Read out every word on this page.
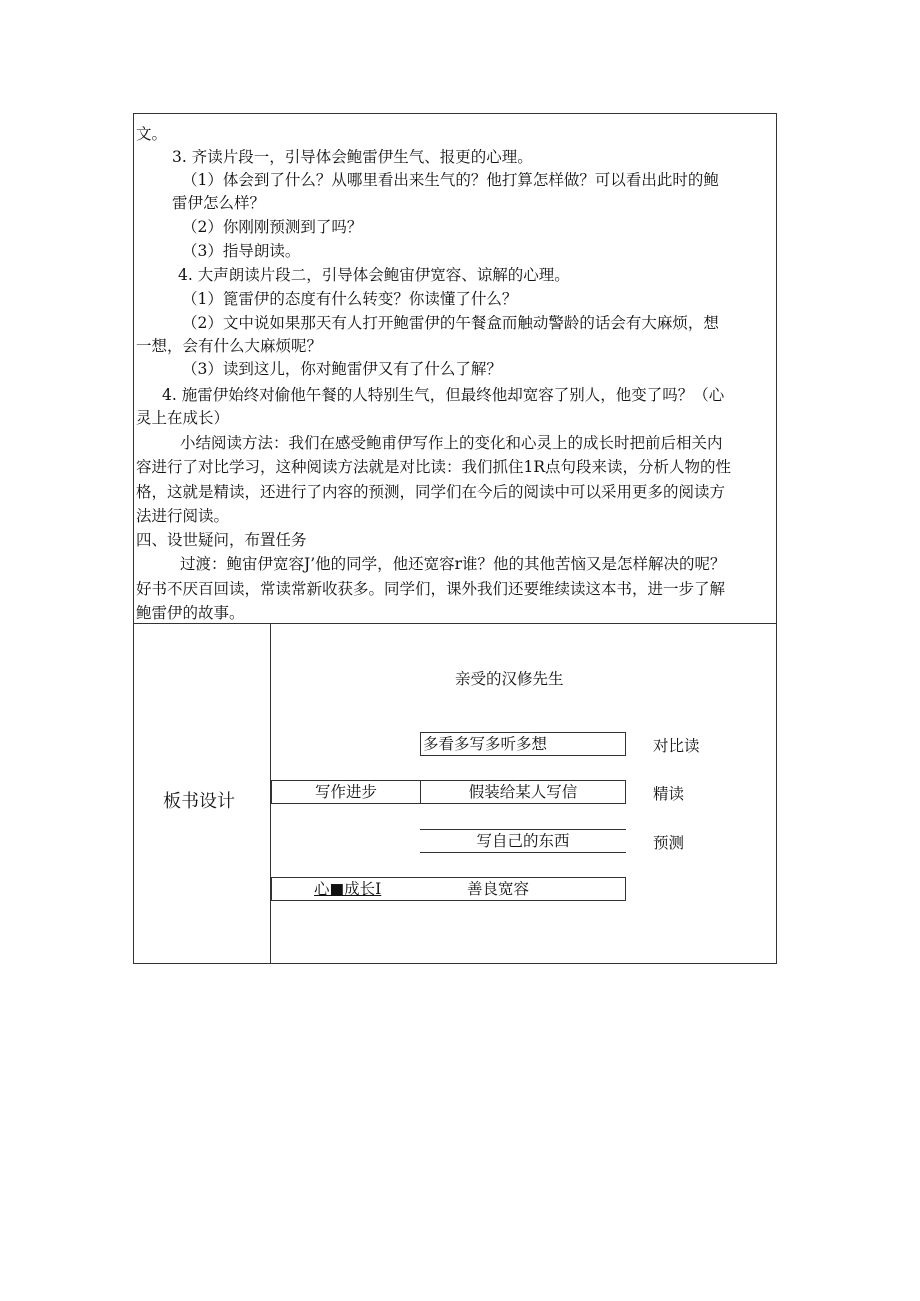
文。
3. 齐读片段一，引导体会鲍雷伊生气、报更的心理。
（1）体会到了什么？从哪里看出来生气的？他打算怎样做？可以看出此时的鲍
雷伊怎么样？
（2）你刚刚预测到了吗？
（3）指导朗读。
4. 大声朗读片段二，引导体会鲍宙伊宽容、谅解的心理。
（1）篦雷伊的态度有什么转变？你读懂了什么？
（2）文中说如果那天有人打开鲍雷伊的午餐盒而触动警龄的话会有大麻烦，想
一想，会有什么大麻烦呢？
（3）读到这儿，你对鲍雷伊又有了什么了解？
4. 施雷伊始终对偷他午餐的人特别生气，但最终他却宽容了别人，他变了吗？（心
灵上在成长）
小结阅读方法：我们在感受鲍甫伊写作上的变化和心灵上的成长时把前后相关内
容进行了对比学习，这种阅读方法就是对比读：我们抓住1R点句段来读，分析人物的性
格，这就是精读，还进行了内容的预测，同学们在今后的阅读中可以采用更多的阅读方
法进行阅读。
四、设世疑问，布置任务
过渡：鲍宙伊宽容J’他的同学，他还宽容r谁？他的其他苦恼又是怎样解决的呢？
好书不厌百回读，常读常新收获多。同学们，课外我们还要维续读这本书，进一步了解
鲍雷伊的故事。
板书设计
亲受的汉修先生
多看多写多听多想	对比读
写作进步	假装给某人写信	精读
写自己的东西	预测
心■成长I	善良宽容
